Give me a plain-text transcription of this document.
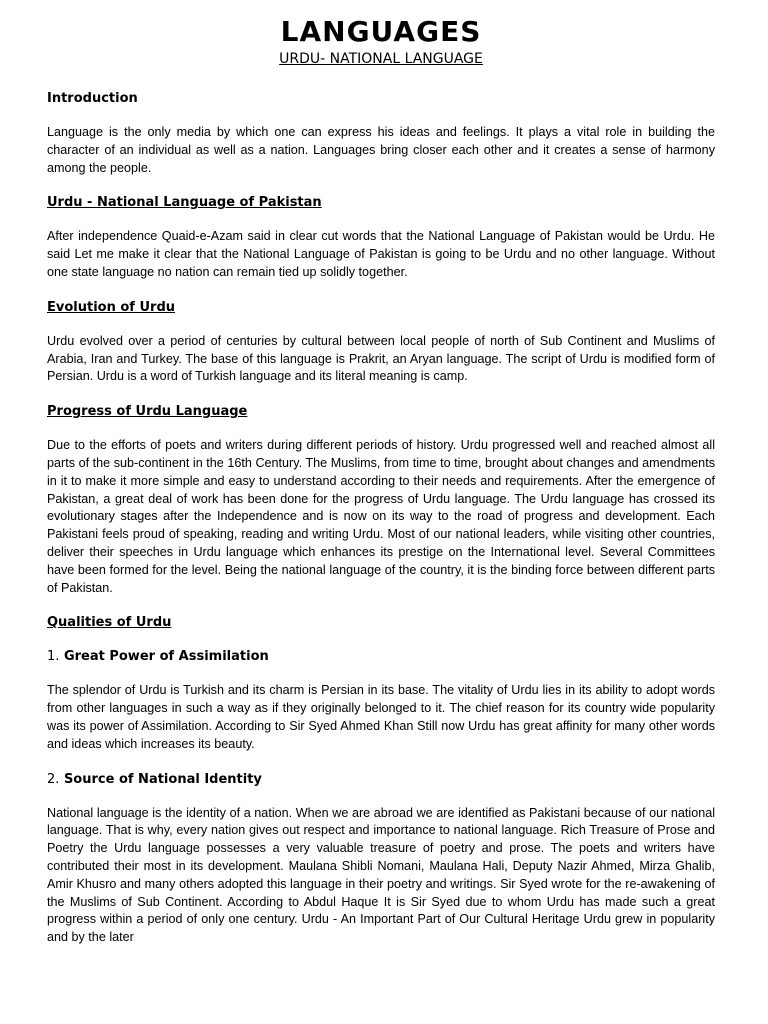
LANGUAGES
URDU- NATIONAL LANGUAGE
Introduction

Language is the only media by which one can express his ideas and feelings. It plays a vital role in building the character of an individual as well as a nation. Languages bring closer each other and it creates a sense of harmony among the people.

Urdu - National Language of Pakistan

After independence Quaid-e-Azam said in clear cut words that the National Language of Pakistan would be Urdu. He said Let me make it clear that the National Language of Pakistan is going to be Urdu and no other language. Without one state language no nation can remain tied up solidly together.

Evolution of Urdu

Urdu evolved over a period of centuries by cultural between local people of north of Sub Continent and Muslims of Arabia, Iran and Turkey. The base of this language is Prakrit, an Aryan language. The script of Urdu is modified form of Persian. Urdu is a word of Turkish language and its literal meaning is camp.

Progress of Urdu Language

Due to the efforts of poets and writers during different periods of history. Urdu progressed well and reached almost all parts of the sub-continent in the 16th Century. The Muslims, from time to time, brought about changes and amendments in it to make it more simple and easy to understand according to their needs and requirements. After the emergence of Pakistan, a great deal of work has been done for the progress of Urdu language. The Urdu language has crossed its evolutionary stages after the Independence and is now on its way to the road of progress and development. Each Pakistani feels proud of speaking, reading and writing Urdu. Most of our national leaders, while visiting other countries, deliver their speeches in Urdu language which enhances its prestige on the International level. Several Committees have been formed for the level. Being the national language of the country, it is the binding force between different parts of Pakistan.

Qualities of Urdu
1. Great Power of Assimilation

The splendor of Urdu is Turkish and its charm is Persian in its base. The vitality of Urdu lies in its ability to adopt words from other languages in such a way as if they originally belonged to it. The chief reason for its country wide popularity was its power of Assimilation. According to Sir Syed Ahmed Khan Still now Urdu has great affinity for many other words and ideas which increases its beauty.

2. Source of National Identity

National language is the identity of a nation. When we are abroad we are identified as Pakistani because of our national language. That is why, every nation gives out respect and importance to national language. Rich Treasure of Prose and Poetry the Urdu language possesses a very valuable treasure of poetry and prose. The poets and writers have contributed their most in its development. Maulana Shibli Nomani, Maulana Hali, Deputy Nazir Ahmed, Mirza Ghalib, Amir Khusro and many others adopted this language in their poetry and writings. Sir Syed wrote for the re-awakening of the Muslims of Sub Continent. According to Abdul Haque It is Sir Syed due to whom Urdu has made such a great progress within a period of only one century. Urdu - An Important Part of Our Cultural Heritage Urdu grew in popularity and by the later
